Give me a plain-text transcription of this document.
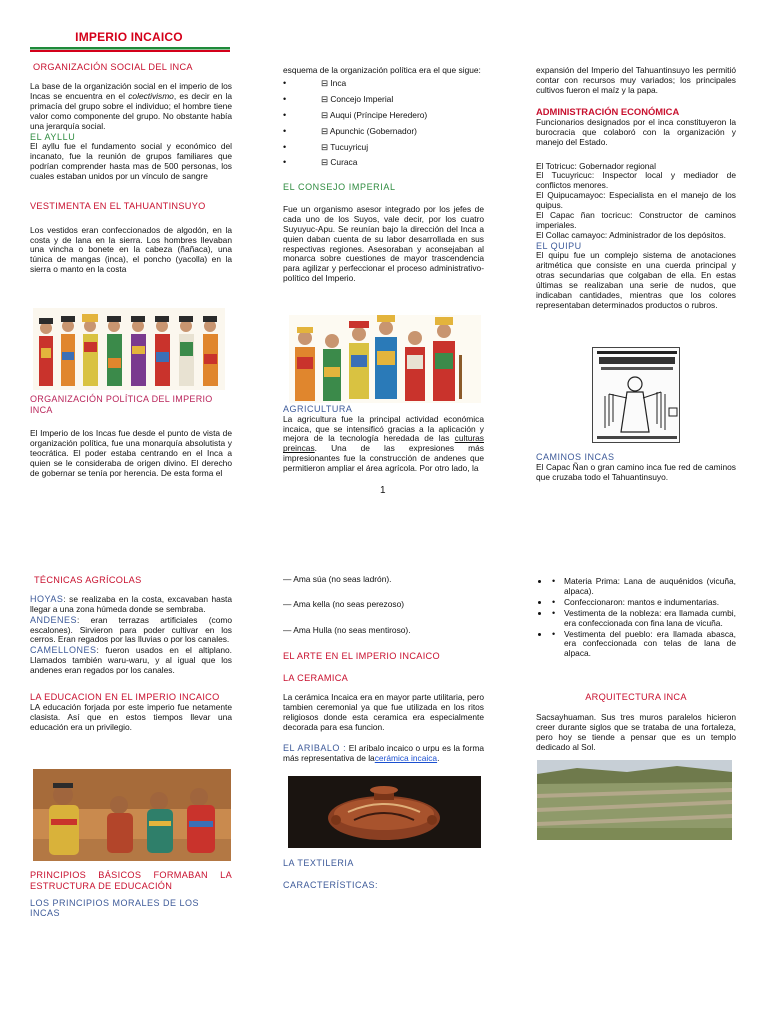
IMPERIO INCAICO
ORGANIZACIÓN SOCIAL DEL INCA

La base de la organización social en el imperio de los Incas se encuentra en el colectivismo, es decir en la primacía del grupo sobre el individuo; el hombre tiene valor como componente del grupo. No obstante había una jerarquía social.

EL AYLLU

El ayllu fue el fundamento social y económico del incanato, fue la reunión de grupos familiares que podrían comprender hasta mas de 500 personas, los cuales estaban unidos por un vínculo de sangre

VESTIMENTA EN EL TAHUANTINSUYO

Los vestidos eran confeccionados de algodón, en la costa y de lana en la sierra. Los hombres llevaban una vincha o bonete en la cabeza (ñañaca), una túnica de mangas (inca), el poncho (yacolla) en la sierra o manto en la costa

ORGANIZACIÓN POLÍTICA DEL IMPERIO INCA

El Imperio de los Incas fue desde el punto de vista de organización política, fue una monarquía absolutista y teocrática. El poder estaba centrando en el Inca a quien se le consideraba de origen divino. El derecho de gobernar se tenía por herencia. De esta forma el

esquema de la organización política era el que sigue:

• ⊟ Inca
• ⊟ Concejo Imperial
• ⊟ Auqui (Príncipe Heredero)
• ⊟ Apunchic (Gobernador)
• ⊟ Tucuyricuj
• ⊟ Curaca
EL CONSEJO IMPERIAL

Fue un organismo asesor integrado por los jefes de cada uno de los Suyos, vale decir, por los cuatro Suyuyuc-Apu. Se reunían bajo la dirección del Inca a quien daban cuenta de su labor desarrollada en sus respectivas regiones. Asesoraban y aconsejaban al monarca sobre cuestiones de mayor trascendencia para agilizar y perfeccionar el proceso administrativo-político del Imperio.

AGRICULTURA

La agricultura fue la principal actividad económica incaica, que se intensificó gracias a la aplicación y mejora de la tecnología heredada de las culturas preincas. Una de las expresiones más impresionantes fue la construcción de andenes que permitieron ampliar el área agrícola. Por otro lado, la

1

expansión del Imperio del Tahuantinsuyo les permitió contar con recursos muy variados; los principales cultivos fueron el maíz y la papa.

ADMINISTRACIÓN ECONÓMICA

Funcionarios designados por el inca constituyeron la burocracia que colaboró con la organización y manejo del Estado.

El Totricuc: Gobernador regional

El Tucuyricuc: Inspector local y mediador de conflictos menores.

El Quipucamayoc: Especialista en el manejo de los quipus.

El Capac ñan tocricuc: Constructor de caminos imperiales.

El Collac camayoc: Administrador de los depósitos.

EL QUIPU

El quipu fue un complejo sistema de anotaciones aritmética que consiste en una cuerda principal y otras secundarias que colgaban de ella. En estas últimas se realizaban una serie de nudos, que indicaban cantidades, mientras que los colores representaban determinados productos o rubros.

CAMINOS INCAS

El Capac Ñan o gran camino inca fue red de caminos que cruzaba todo el Tahuantinsuyo.

TÉCNICAS AGRÍCOLAS

HOYAS: se realizaba en la costa, excavaban hasta llegar a una zona húmeda donde se sembraba.

ANDENES: eran terrazas artificiales (como escalones). Sirvieron para poder cultivar en los cerros. Eran regados por las lluvias o por los canales.

CAMELLONES: fueron usados en el altiplano. Llamados también waru-waru, y al igual que los andenes eran regados por los canales.

LA EDUCACION EN EL IMPERIO INCAICO

LA educación forjada por este imperio fue netamente clasista. Así que en estos tiempos llevar una educación era un privilegio.

PRINCIPIOS BÁSICOS FORMABAN LA ESTRUCTURA DE EDUCACIÓN
LOS PRINCIPIOS MORALES DE LOS INCAS

— Ama súa (no seas ladrón).

— Ama kella (no seas perezoso)

— Ama Hulla (no seas mentiroso).

EL ARTE EN EL IMPERIO INCAICO
LA CERAMICA

La cerámica Incaica era en mayor parte utilitaria, pero tambien ceremonial ya que fue utilizada en los ritos religiosos donde esta ceramica era especialmente decorada para esa funcion.

EL ARIBALO : El aríbalo incaico o urpu es la forma más representativa de lacerámica incaica.

LA TEXTILERIA
CARACTERÍSTICAS:
• • Materia Prima: Lana de auquénidos (vicuña, alpaca).
• • Confeccionaron: mantos e indumentarias.
• • Vestimenta de la nobleza: era llamada cumbi, era confeccionada con fina lana de vicuña.
• • Vestimenta del pueblo: era llamada abasca, era confeccionada con telas de lana de alpaca.
ARQUITECTURA INCA

Sacsayhuaman. Sus tres muros paralelos hicieron creer durante siglos que se trataba de una fortaleza, pero hoy se tiende a pensar que es un templo dedicado al Sol.
